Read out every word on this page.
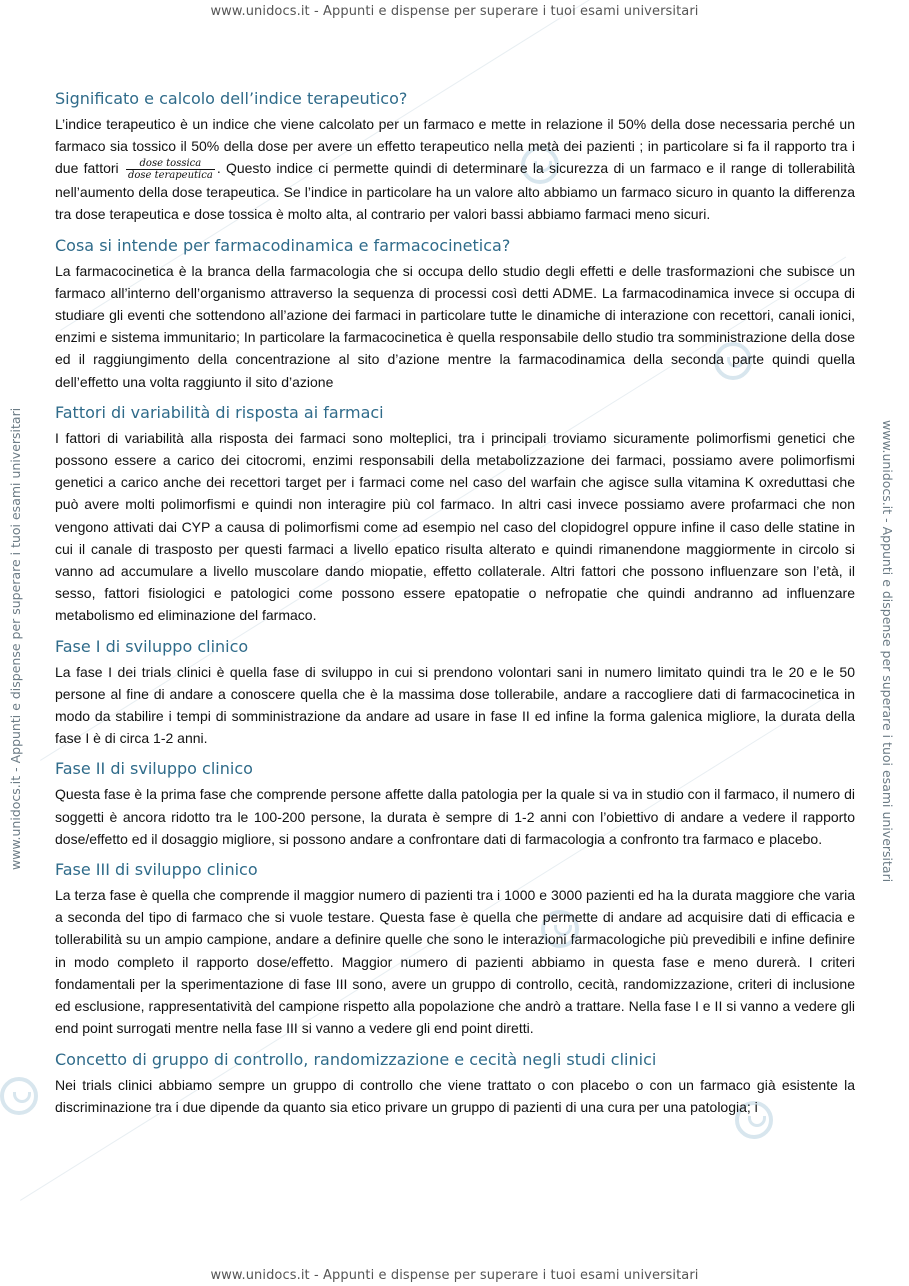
www.unidocs.it - Appunti e dispense per superare i tuoi esami universitari
www.unidocs.it - Appunti e dispense per superare i tuoi esami universitari
www.unidocs.it - Appunti e dispense per superare i tuoi esami universitari
Significato e calcolo dell’indice terapeutico?

L’indice terapeutico è un indice che viene calcolato per un farmaco e mette in relazione il 50% della dose necessaria perché un farmaco sia tossico il 50% della dose per avere un effetto terapeutico nella metà dei pazienti ; in particolare si fa il rapporto tra i due fattori $\frac{\text{dose tossica}}{\text{dose terapeutica}}$ . Questo indice ci permette quindi di determinare la sicurezza di un farmaco e il range di tollerabilità nell’aumento della dose terapeutica. Se l’indice in particolare ha un valore alto abbiamo un farmaco sicuro in quanto la differenza tra dose terapeutica e dose tossica è molto alta, al contrario per valori bassi abbiamo farmaci meno sicuri.

Cosa si intende per farmacodinamica e farmacocinetica?

La farmacocinetica è la branca della farmacologia che si occupa dello studio degli effetti e delle trasformazioni che subisce un farmaco all’interno dell’organismo attraverso la sequenza di processi così detti ADME. La farmacodinamica invece si occupa di studiare gli eventi che sottendono all’azione dei farmaci in particolare tutte le dinamiche di interazione con recettori, canali ionici, enzimi e sistema immunitario; In particolare la farmacocinetica è quella responsabile dello studio tra somministrazione della dose ed il raggiungimento della concentrazione al sito d’azione mentre la farmacodinamica della seconda parte quindi quella dell’effetto una volta raggiunto il sito d’azione

Fattori di variabilità di risposta ai farmaci

I fattori di variabilità alla risposta dei farmaci sono molteplici, tra i principali troviamo sicuramente polimorfismi genetici che possono essere a carico dei citocromi, enzimi responsabili della metabolizzazione dei farmaci, possiamo avere polimorfismi genetici a carico anche dei recettori target per i farmaci come nel caso del warfain che agisce sulla vitamina K oxreduttasi che può avere molti polimorfismi e quindi non interagire più col farmaco. In altri casi invece possiamo avere profarmaci che non vengono attivati dai CYP a causa di polimorfismi come ad esempio nel caso del clopidogrel oppure infine il caso delle statine in cui il canale di trasposto per questi farmaci a livello epatico risulta alterato e quindi rimanendone maggiormente in circolo si vanno ad accumulare a livello muscolare dando miopatie, effetto collaterale. Altri fattori che possono influenzare son l’età, il sesso, fattori fisiologici e patologici come possono essere epatopatie o nefropatie che quindi andranno ad influenzare metabolismo ed eliminazione del farmaco.

Fase I di sviluppo clinico

La fase I dei trials clinici è quella fase di sviluppo in cui si prendono volontari sani in numero limitato quindi tra le 20 e le 50 persone al fine di andare a conoscere quella che è la massima dose tollerabile, andare a raccogliere dati di farmacocinetica in modo da stabilire i tempi di somministrazione da andare ad usare in fase II ed infine la forma galenica migliore, la durata della fase I è di circa 1-2 anni.

Fase II di sviluppo clinico

Questa fase è la prima fase che comprende persone affette dalla patologia per la quale si va in studio con il farmaco, il numero di soggetti è ancora ridotto tra le 100-200 persone, la durata è sempre di 1-2 anni con l’obiettivo di andare a vedere il rapporto dose/effetto ed il dosaggio migliore, si possono andare a confrontare dati di farmacologia a confronto tra farmaco e placebo.

Fase III di sviluppo clinico

La terza fase è quella che comprende il maggior numero di pazienti tra i 1000 e 3000 pazienti ed ha la durata maggiore che varia a seconda del tipo di farmaco che si vuole testare. Questa fase è quella che permette di andare ad acquisire dati di efficacia e tollerabilità su un ampio campione, andare a definire quelle che sono le interazioni farmacologiche più prevedibili e infine definire in modo completo il rapporto dose/effetto. Maggior numero di pazienti abbiamo in questa fase e meno durerà. I criteri fondamentali per la sperimentazione di fase III sono, avere un gruppo di controllo, cecità, randomizzazione, criteri di inclusione ed esclusione, rappresentatività del campione rispetto alla popolazione che andrò a trattare. Nella fase I e II si vanno a vedere gli end point surrogati mentre nella fase III si vanno a vedere gli end point diretti.

Concetto di gruppo di controllo, randomizzazione e cecità negli studi clinici

Nei trials clinici abbiamo sempre un gruppo di controllo che viene trattato o con placebo o con un farmaco già esistente la discriminazione tra i due dipende da quanto sia etico privare un gruppo di pazienti di una cura per una patologia; i

www.unidocs.it - Appunti e dispense per superare i tuoi esami universitari
